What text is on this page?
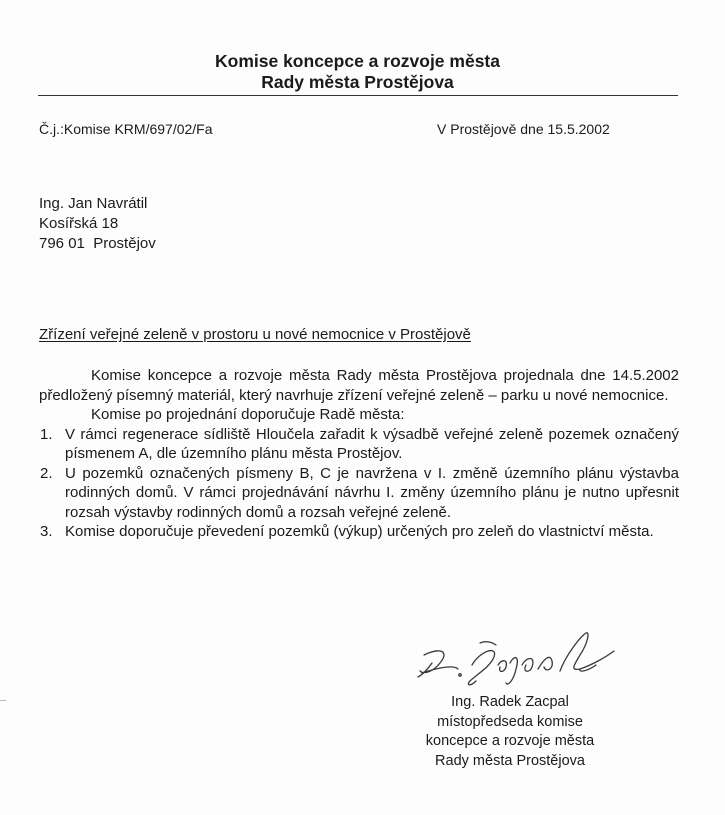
Komise koncepce a rozvoje města
Rady města Prostějova
Č.j.:Komise KRM/697/02/Fa	V Prostějově dne 15.5.2002
Ing. Jan Navrátil
Kosířská 18
796 01  Prostějov
Zřízení veřejné zeleně v prostoru u nové nemocnice v Prostějově

Komise koncepce a rozvoje města Rady města Prostějova projednala dne 14.5.2002 předložený písemný materiál, který navrhuje zřízení veřejné zeleně – parku u nové nemocnice.

Komise po projednání doporučuje Radě města:

1. V rámci regenerace sídliště Hloučela zařadit k výsadbě veřejné zeleně pozemek označený písmenem A, dle územního plánu města Prostějov.
2. U pozemků označených písmeny B, C je navržena v I. změně územního plánu výstavba rodinných domů. V rámci projednávání návrhu I. změny územního plánu je nutno upřesnit rozsah výstavby rodinných domů a rozsah veřejné zeleně.
3. Komise doporučuje převedení pozemků (výkup) určených pro zeleň do vlastnictví města.
Ing. Radek Zacpal
místopředseda komise
koncepce a rozvoje města
Rady města Prostějova
